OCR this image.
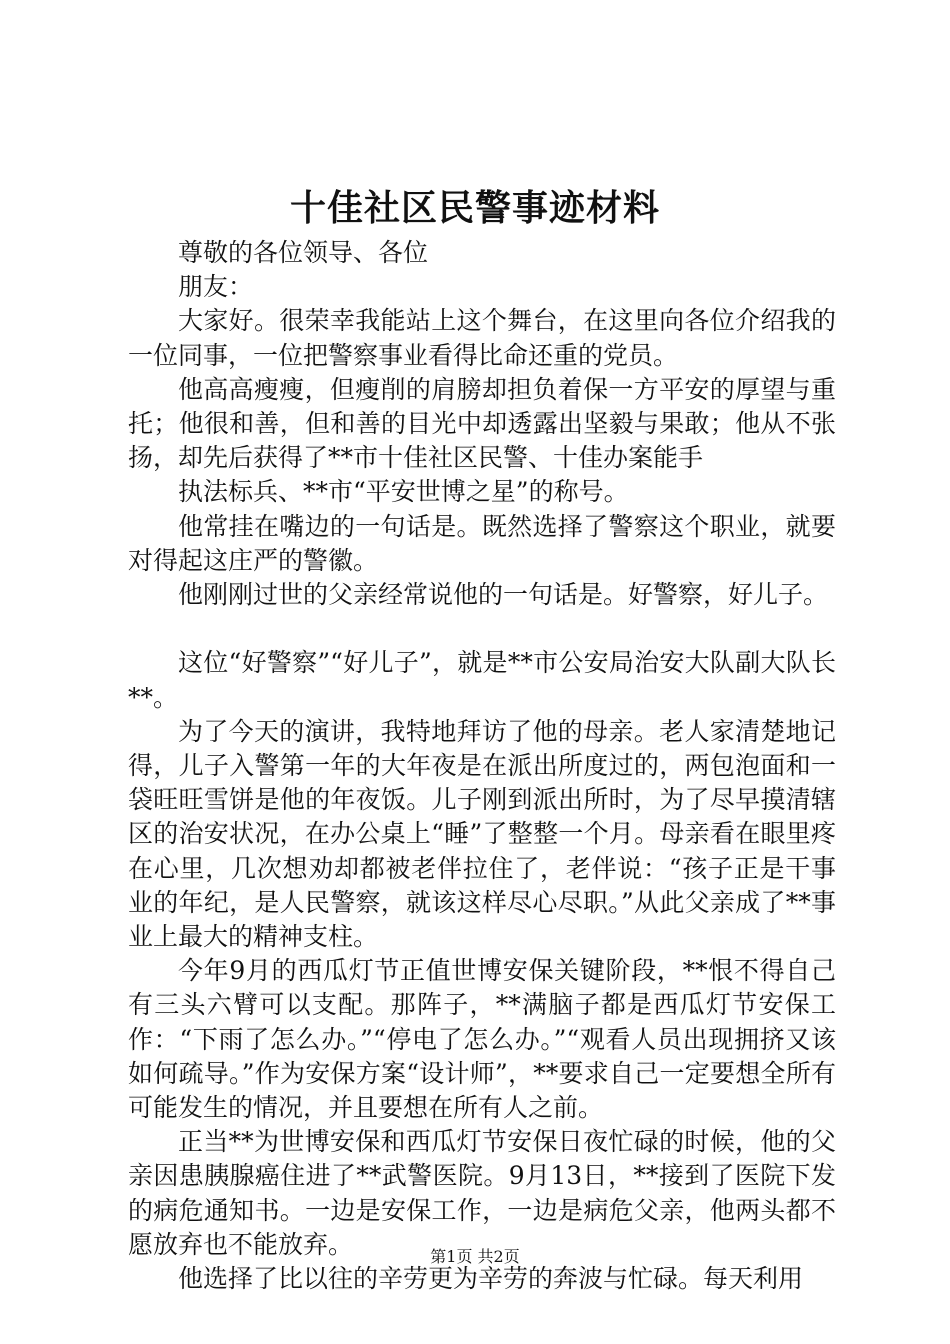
十佳社区民警事迹材料

尊敬的各位领导、各位

朋友：

大家好。很荣幸我能站上这个舞台，在这里向各位介绍我的一位同事，一位把警察事业看得比命还重的党员。

他高高瘦瘦，但瘦削的肩膀却担负着保一方平安的厚望与重托；他很和善，但和善的目光中却透露出坚毅与果敢；他从不张扬，却先后获得了**市十佳社区民警、十佳办案能手

执法标兵、**市“平安世博之星”的称号。

他常挂在嘴边的一句话是。既然选择了警察这个职业，就要对得起这庄严的警徽。

他刚刚过世的父亲经常说他的一句话是。好警察，好儿子。

这位“好警察”“好儿子”，就是**市公安局治安大队副大队长**。

为了今天的演讲，我特地拜访了他的母亲。老人家清楚地记得，儿子入警第一年的大年夜是在派出所度过的，两包泡面和一袋旺旺雪饼是他的年夜饭。儿子刚到派出所时，为了尽早摸清辖区的治安状况，在办公桌上“睡”了整整一个月。母亲看在眼里疼在心里，几次想劝却都被老伴拉住了，老伴说：“孩子正是干事业的年纪，是人民警察，就该这样尽心尽职。”从此父亲成了**事业上最大的精神支柱。

今年9月的西瓜灯节正值世博安保关键阶段，**恨不得自己有三头六臂可以支配。那阵子，**满脑子都是西瓜灯节安保工作：“下雨了怎么办。”“停电了怎么办。”“观看人员出现拥挤又该如何疏导。”作为安保方案“设计师”，**要求自己一定要想全所有可能发生的情况，并且要想在所有人之前。

正当**为世博安保和西瓜灯节安保日夜忙碌的时候，他的父亲因患胰腺癌住进了**武警医院。9月13日，**接到了医院下发的病危通知书。一边是安保工作，一边是病危父亲，他两头都不愿放弃也不能放弃。

他选择了比以往的辛劳更为辛劳的奔波与忙碌。每天利用

第1页 共2页
